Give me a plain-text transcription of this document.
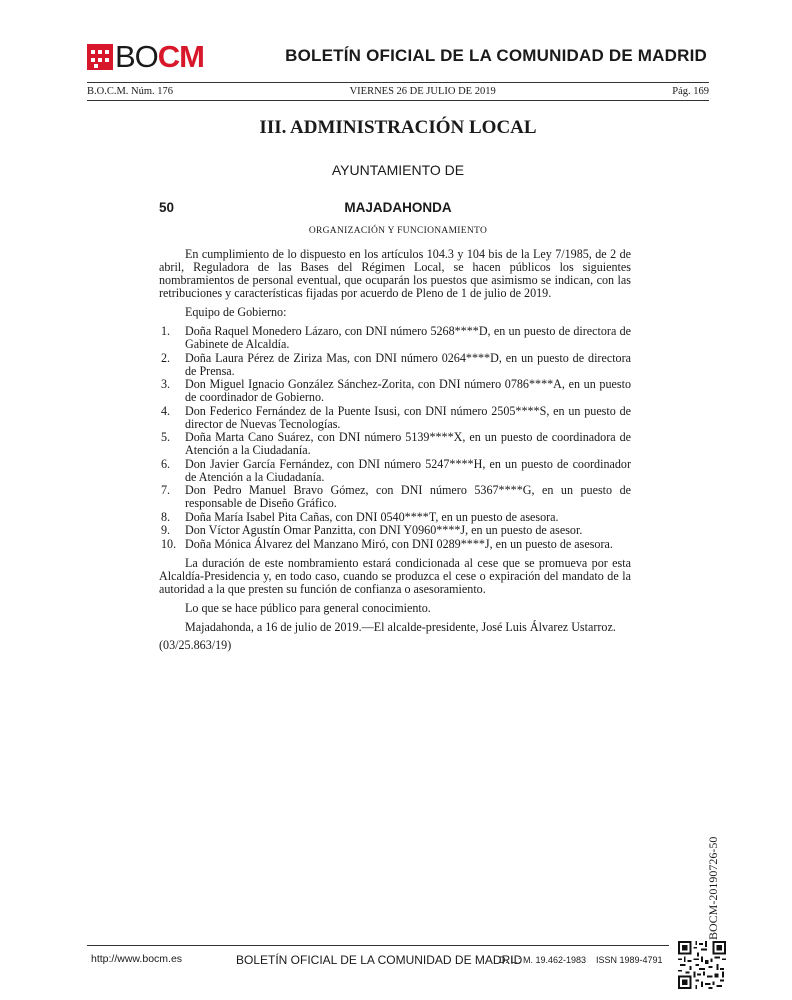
BOCM	BOLETÍN OFICIAL DE LA COMUNIDAD DE MADRID
B.O.C.M. Núm. 176	VIERNES 26 DE JULIO DE 2019	Pág. 169
III. ADMINISTRACIÓN LOCAL
AYUNTAMIENTO DE
50	MAJADAHONDA
ORGANIZACIÓN Y FUNCIONAMIENTO

En cumplimiento de lo dispuesto en los artículos 104.3 y 104 bis de la Ley 7/1985, de 2 de abril, Reguladora de las Bases del Régimen Local, se hacen públicos los siguientes nombramientos de personal eventual, que ocuparán los puestos que asimismo se indican, con las retribuciones y características fijadas por acuerdo de Pleno de 1 de julio de 2019.

Equipo de Gobierno:

1.	Doña Raquel Monedero Lázaro, con DNI número 5268****D, en un puesto de directora de Gabinete de Alcaldía.
2.	Doña Laura Pérez de Ziriza Mas, con DNI número 0264****D, en un puesto de directora de Prensa.
3.	Don Miguel Ignacio González Sánchez-Zorita, con DNI número 0786****A, en un puesto de coordinador de Gobierno.
4.	Don Federico Fernández de la Puente Isusi, con DNI número 2505****S, en un puesto de director de Nuevas Tecnologías.
5.	Doña Marta Cano Suárez, con DNI número 5139****X, en un puesto de coordinadora de Atención a la Ciudadanía.
6.	Don Javier García Fernández, con DNI número 5247****H, en un puesto de coordinador de Atención a la Ciudadanía.
7.	Don Pedro Manuel Bravo Gómez, con DNI número 5367****G, en un puesto de responsable de Diseño Gráfico.
8.	Doña María Isabel Pita Cañas, con DNI 0540****T, en un puesto de asesora.
9.	Don Víctor Agustín Omar Panzitta, con DNI Y0960****J, en un puesto de asesor.
10. Doña Mónica Álvarez del Manzano Miró, con DNI 0289****J, en un puesto de asesora.

La duración de este nombramiento estará condicionada al cese que se promueva por esta Alcaldía-Presidencia y, en todo caso, cuando se produzca el cese o expiración del mandato de la autoridad a la que presten su función de confianza o asesoramiento.

Lo que se hace público para general conocimiento.

Majadahonda, a 16 de julio de 2019.—El alcalde-presidente, José Luis Álvarez Ustarroz.

(03/25.863/19)

BOCM-20190726-50
http://www.bocm.es	BOLETÍN OFICIAL DE LA COMUNIDAD DE MADRID
D. L.: M. 19.462-1983 ISSN 1989-4791
